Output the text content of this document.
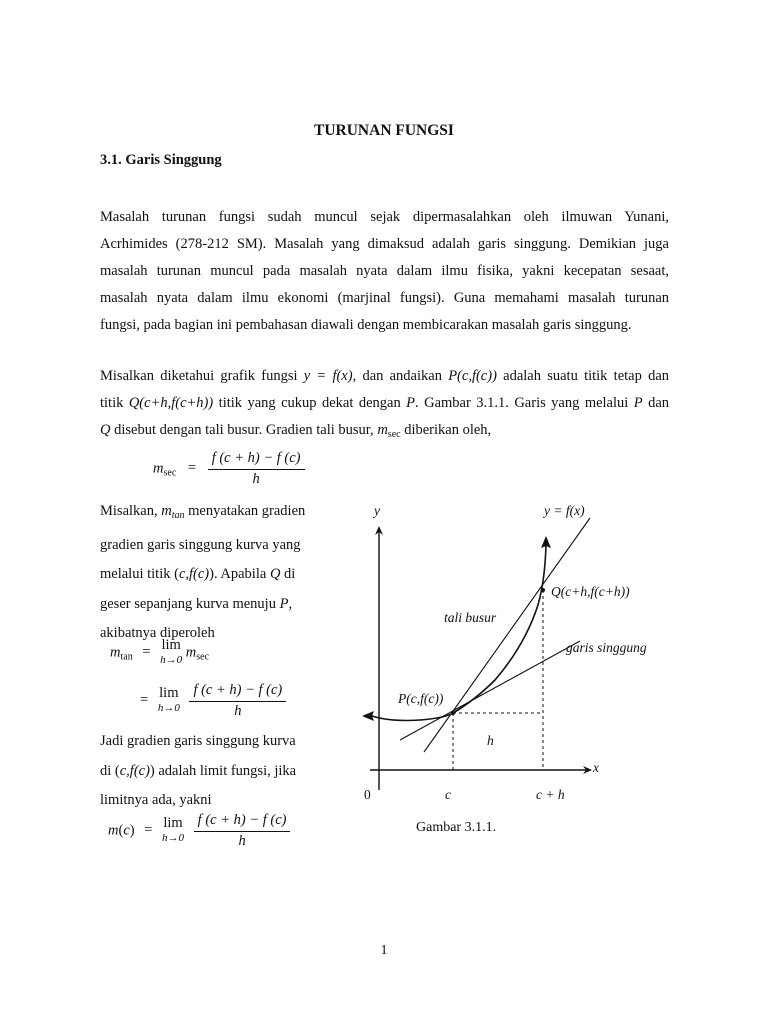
TURUNAN FUNGSI
3.1. Garis Singgung
Masalah turunan fungsi sudah muncul sejak dipermasalahkan oleh ilmuwan Yunani,
Acrhimides (278-212 SM). Masalah yang dimaksud adalah garis singgung. Demikian juga
masalah turunan muncul pada masalah nyata dalam ilmu fisika, yakni kecepatan sesaat,
masalah nyata dalam ilmu ekonomi (marjinal fungsi). Guna memahami masalah turunan
fungsi, pada bagian ini pembahasan diawali dengan membicarakan masalah garis singgung.
Misalkan diketahui grafik fungsi y = f(x), dan andaikan P(c,f(c)) adalah suatu titik tetap dan
titik Q(c+h,f(c+h)) titik yang cukup dekat dengan P. Gambar 3.1.1. Garis yang melalui P dan
Q disebut dengan tali busur. Gradien tali busur, $m_{sec}$ diberikan oleh,
$m_{sec} = \frac{f (c + h) - f (c)}{h}$
Misalkan, $m_{tan}$ menyatakan gradien
gradien garis singgung kurva yang
melalui titik (c,f(c)). Apabila Q di
geser sepanjang kurva menuju P,
akibatnya diperoleh
$m_{tan} = \lim$
h→0 $m_{sec}$
= lim
h→0
$\frac{f (c + h) - f (c)}{h}$
Jadi gradien garis singgung kurva
di (c,f(c)) adalah limit fungsi, jika
limitnya ada, yakni
m(c) = lim
h→0
$\frac{f (c + h) - f (c)}{h}$
y
x
0
y = f(x)
Q(c+h,f(c+h))
tali busur
garis singgung
P(c,f(c))
h
c	c + h
Gambar 3.1.1.
1
